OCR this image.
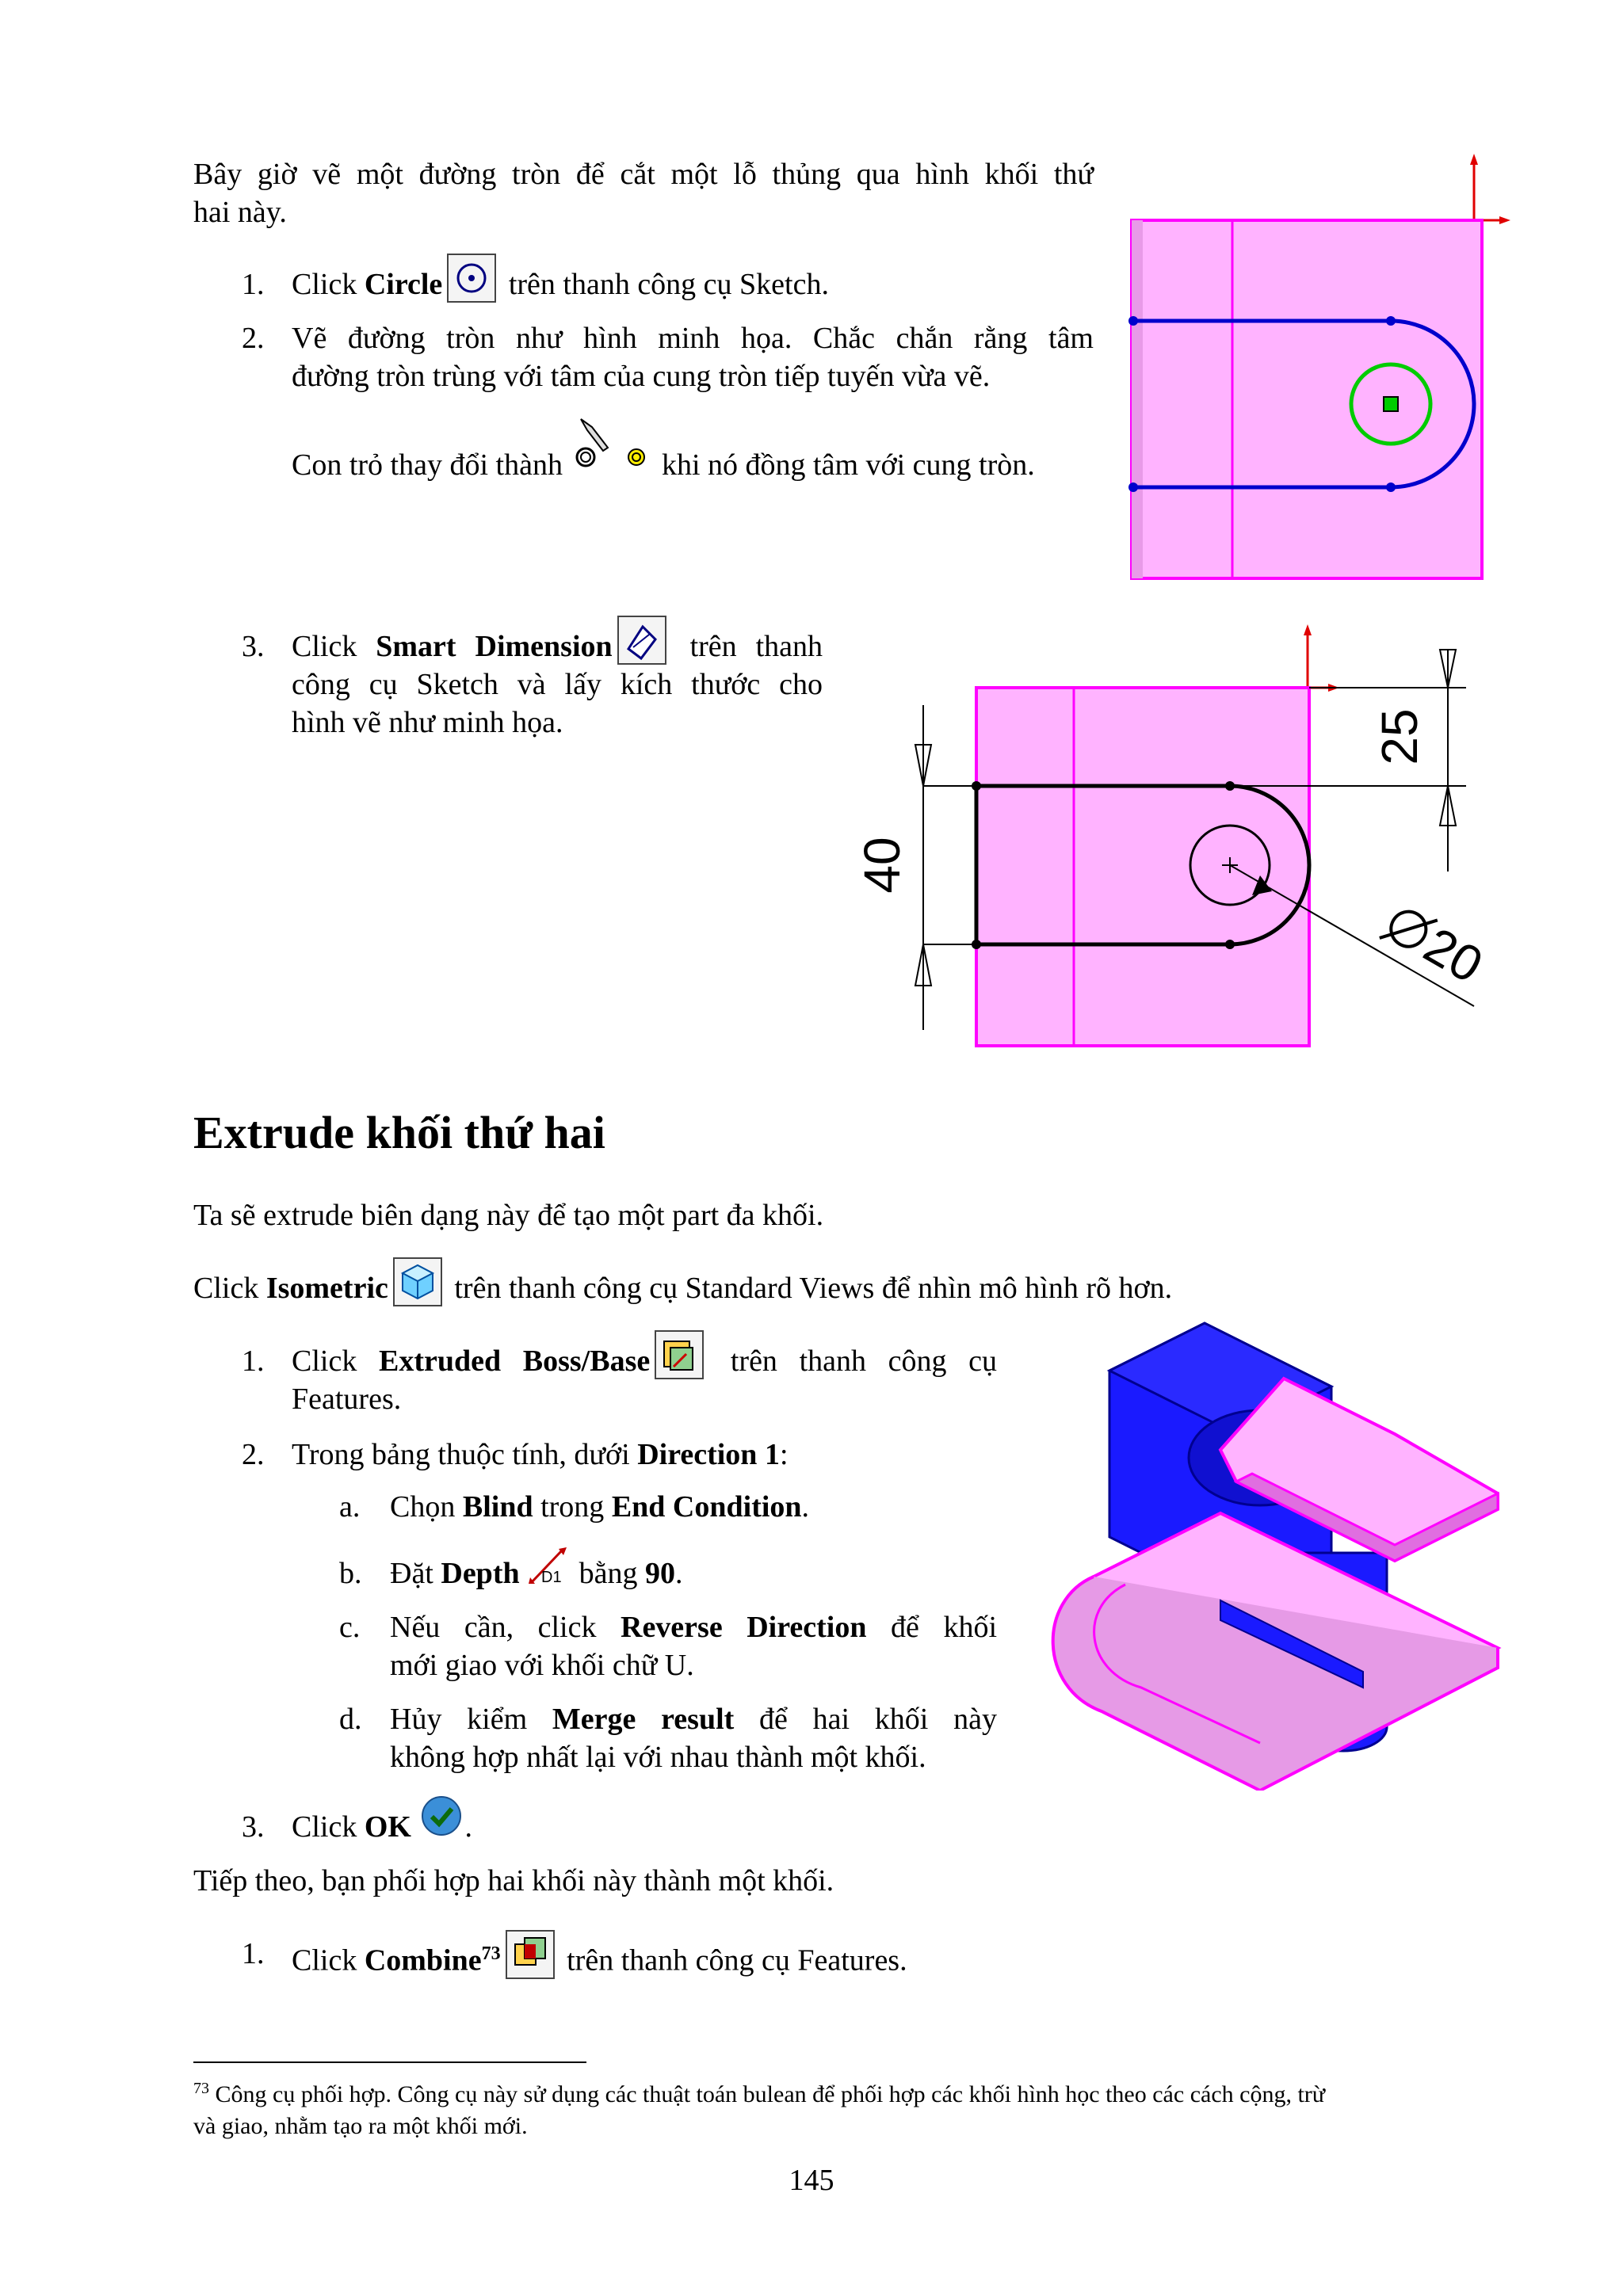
Bây giờ vẽ một đường tròn để cắt một lỗ thủng qua hình khối thứ
hai này.
1. Click Circle
trên thanh công cụ Sketch.
2. Vẽ đường tròn như hình minh họa. Chắc chắn rằng tâm
đường tròn trùng với tâm của cung tròn tiếp tuyến vừa vẽ.
Con trỏ thay đổi thành	khi nó đồng tâm với cung tròn.
3. Click Smart Dimension
trên thanh
công cụ Sketch và lấy kích thước cho
hình vẽ như minh họa.
40
25
20
Extrude khối thứ hai
Ta sẽ extrude biên dạng này để tạo một part đa khối.
Click Isometric
trên thanh công cụ Standard Views để nhìn mô hình rõ hơn.
1. Click Extruded Boss/Base
trên thanh công cụ
Features.
2. Trong bảng thuộc tính, dưới Direction 1:
a. Chọn Blind trong End Condition.
b. Đặt Depth D1 bằng 90.
c. Nếu cần, click Reverse Direction để khối
mới giao với khối chữ U.
d. Hủy kiểm Merge result để hai khối này
không hợp nhất lại với nhau thành một khối.
3. Click OK .
Tiếp theo, bạn phối hợp hai khối này thành một khối.
1. Click Combine$^{73}$
trên thanh công cụ Features.
$^{73}$ Công cụ phối hợp. Công cụ này sử dụng các thuật toán bulean để phối hợp các khối hình học theo các cách cộng, trừ
và giao, nhằm tạo ra một khối mới.
145
